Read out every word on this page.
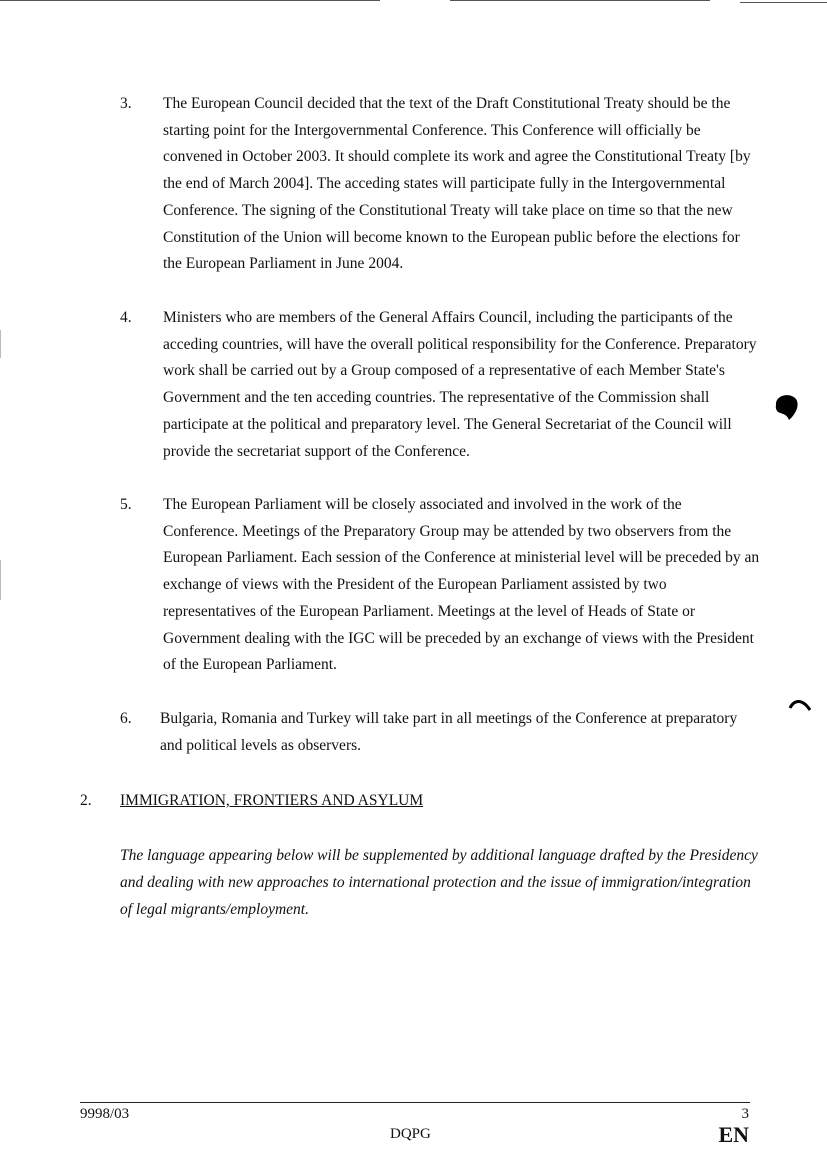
3.	The European Council decided that the text of the Draft Constitutional Treaty should be the starting point for the Intergovernmental Conference. This Conference will officially be convened in October 2003. It should complete its work and agree the Constitutional Treaty [by the end of March 2004]. The acceding states will participate fully in the Intergovernmental Conference. The signing of the Constitutional Treaty will take place on time so that the new Constitution of the Union will become known to the European public before the elections for the European Parliament in June 2004.
4.	Ministers who are members of the General Affairs Council, including the participants of the acceding countries, will have the overall political responsibility for the Conference. Preparatory work shall be carried out by a Group composed of a representative of each Member State's Government and the ten acceding countries. The representative of the Commission shall participate at the political and preparatory level. The General Secretariat of the Council will provide the secretariat support of the Conference.
5.	The European Parliament will be closely associated and involved in the work of the Conference. Meetings of the Preparatory Group may be attended by two observers from the European Parliament. Each session of the Conference at ministerial level will be preceded by an exchange of views with the President of the European Parliament assisted by two representatives of the European Parliament. Meetings at the level of Heads of State or Government dealing with the IGC will be preceded by an exchange of views with the President of the European Parliament.
6.	Bulgaria, Romania and Turkey will take part in all meetings of the Conference at preparatory and political levels as observers.
2. IMMIGRATION, FRONTIERS AND ASYLUM
The language appearing below will be supplemented by additional language drafted by the Presidency and dealing with new approaches to international protection and the issue of immigration/integration of legal migrants/employment.
9998/03
DQPG
3
EN
